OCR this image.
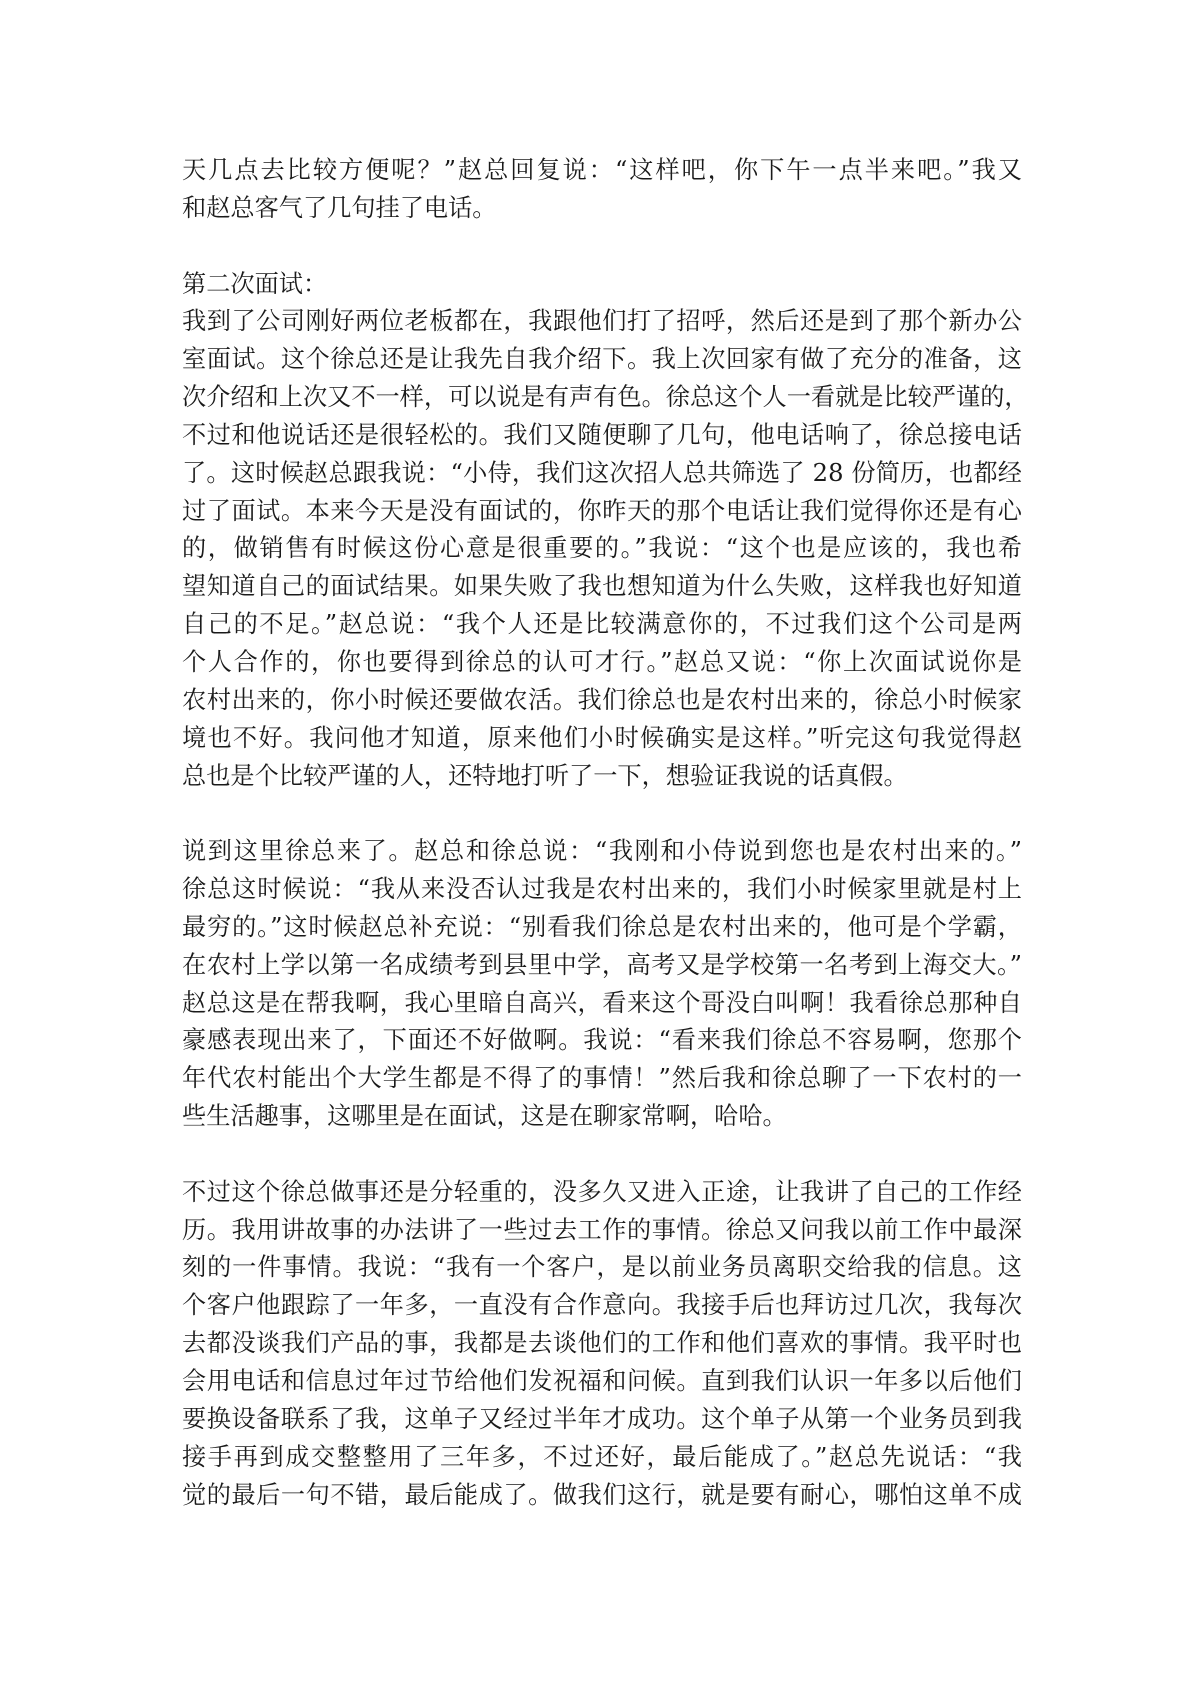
天几点去比较方便呢？”赵总回复说：“这样吧，你下午一点半来吧。”我又
和赵总客气了几句挂了电话。
第二次面试：
我到了公司刚好两位老板都在，我跟他们打了招呼，然后还是到了那个新办公
室面试。这个徐总还是让我先自我介绍下。我上次回家有做了充分的准备，这
次介绍和上次又不一样，可以说是有声有色。徐总这个人一看就是比较严谨的，
不过和他说话还是很轻松的。我们又随便聊了几句，他电话响了，徐总接电话
了。这时候赵总跟我说：“小侍，我们这次招人总共筛选了 28 份简历，也都经
过了面试。本来今天是没有面试的，你昨天的那个电话让我们觉得你还是有心
的，做销售有时候这份心意是很重要的。”我说：“这个也是应该的，我也希
望知道自己的面试结果。如果失败了我也想知道为什么失败，这样我也好知道
自己的不足。”赵总说：“我个人还是比较满意你的，不过我们这个公司是两
个人合作的，你也要得到徐总的认可才行。”赵总又说：“你上次面试说你是
农村出来的，你小时候还要做农活。我们徐总也是农村出来的，徐总小时候家
境也不好。我问他才知道，原来他们小时候确实是这样。”听完这句我觉得赵
总也是个比较严谨的人，还特地打听了一下，想验证我说的话真假。
说到这里徐总来了。赵总和徐总说：“我刚和小侍说到您也是农村出来的。”
徐总这时候说：“我从来没否认过我是农村出来的，我们小时候家里就是村上
最穷的。”这时候赵总补充说：“别看我们徐总是农村出来的，他可是个学霸，
在农村上学以第一名成绩考到县里中学，高考又是学校第一名考到上海交大。”
赵总这是在帮我啊，我心里暗自高兴，看来这个哥没白叫啊！我看徐总那种自
豪感表现出来了，下面还不好做啊。我说：“看来我们徐总不容易啊，您那个
年代农村能出个大学生都是不得了的事情！”然后我和徐总聊了一下农村的一
些生活趣事，这哪里是在面试，这是在聊家常啊，哈哈。
不过这个徐总做事还是分轻重的，没多久又进入正途，让我讲了自己的工作经
历。我用讲故事的办法讲了一些过去工作的事情。徐总又问我以前工作中最深
刻的一件事情。我说：“我有一个客户，是以前业务员离职交给我的信息。这
个客户他跟踪了一年多，一直没有合作意向。我接手后也拜访过几次，我每次
去都没谈我们产品的事，我都是去谈他们的工作和他们喜欢的事情。我平时也
会用电话和信息过年过节给他们发祝福和问候。直到我们认识一年多以后他们
要换设备联系了我，这单子又经过半年才成功。这个单子从第一个业务员到我
接手再到成交整整用了三年多，不过还好，最后能成了。”赵总先说话：“我
觉的最后一句不错，最后能成了。做我们这行，就是要有耐心，哪怕这单不成
